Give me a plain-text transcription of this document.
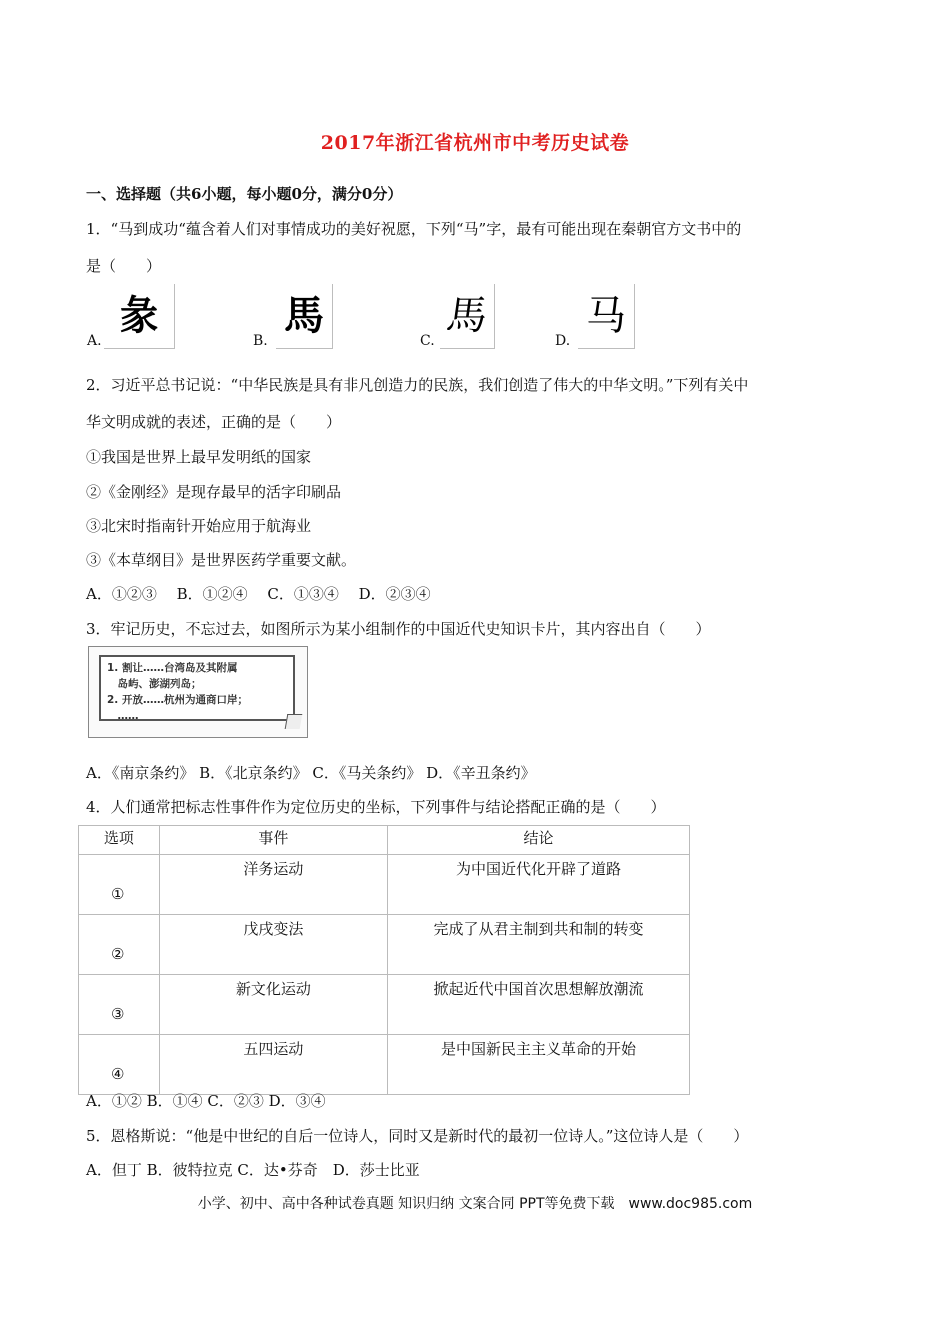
2017年浙江省杭州市中考历史试卷
一、选择题（共6小题，每小题0分，满分0分）
1．“马到成功“蕴含着人们对事情成功的美好祝愿，下列“马”字，最有可能出现在秦朝官方文书中的
是（　　）
A.
彖
B.
馬
C.
馬
D.
马
2．习近平总书记说：“中华民族是具有非凡创造力的民族，我们创造了伟大的中华文明。”下列有关中
华文明成就的表述，正确的是（　　）
①我国是世界上最早发明纸的国家
②《金刚经》是现存最早的活字印刷品
③北宋时指南针开始应用于航海业
③《本草纲目》是世界医药学重要文献。
A．①②③　 B．①②④　 C．①③④　 D．②③④
3．牢记历史，不忘过去，如图所示为某小组制作的中国近代史知识卡片，其内容出自（　　）
1. 割让……台湾岛及其附属
　岛屿、澎湖列岛；
2. 开放……杭州为通商口岸；
　……
A．《南京条约》 B．《北京条约》 C．《马关条约》 D．《辛丑条约》
4．人们通常把标志性事件作为定位历史的坐标，下列事件与结论搭配正确的是（　　）
选项	事件	结论

①	洋务运动	为中国近代化开辟了道路

②	戊戌变法	完成了从君主制到共和制的转变

③	新文化运动	掀起近代中国首次思想解放潮流

④	五四运动	是中国新民主主义革命的开始
A．①② B．①④ C．②③ D．③④
5．恩格斯说：“他是中世纪的自后一位诗人，同时又是新时代的最初一位诗人。”这位诗人是（　　）
A．但丁 B．彼特拉克 C．达•芬奇　D．莎士比亚
小学、初中、高中各种试卷真题 知识归纳 文案合同 PPT等免费下载　www.doc985.com
